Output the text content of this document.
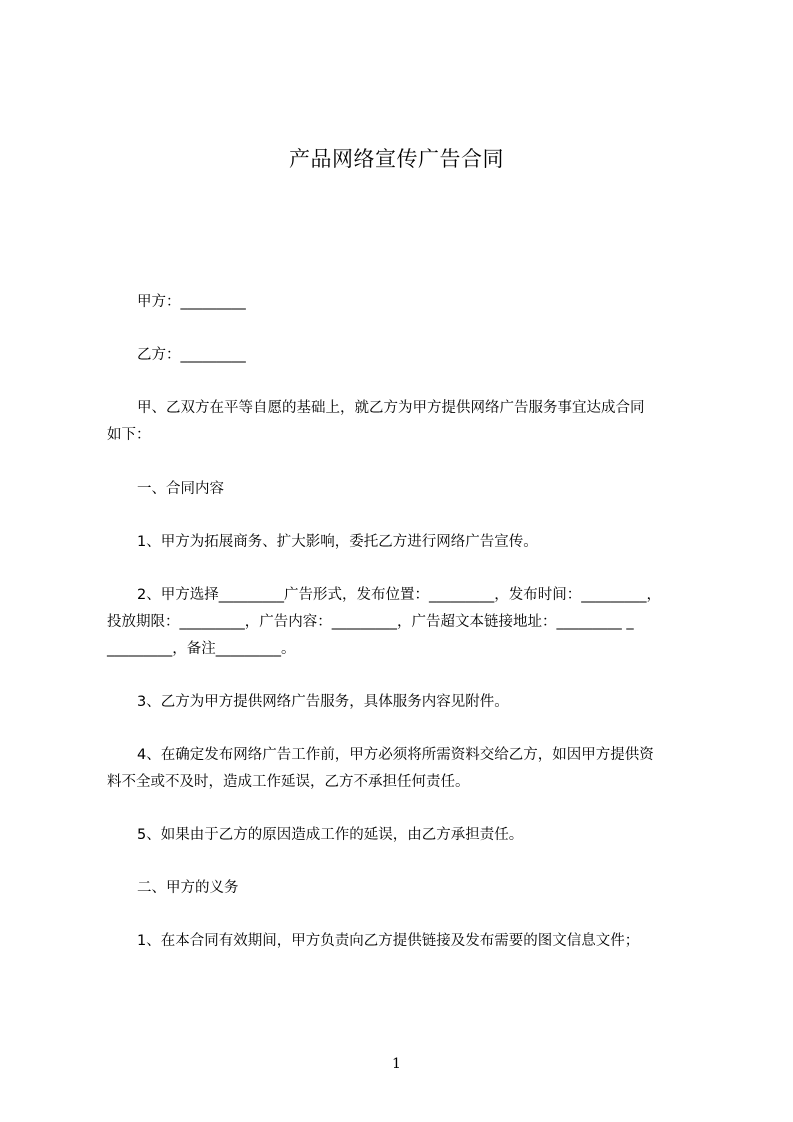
产品网络宣传广告合同
甲方：_________
乙方：_________
甲、乙双方在平等自愿的基础上，就乙方为甲方提供网络广告服务事宜达成合同
如下：
一、合同内容
1、甲方为拓展商务、扩大影响，委托乙方进行网络广告宣传。
2、甲方选择_________广告形式，发布位置：_________，发布时间：_________，
投放期限：_________，广告内容：_________，广告超文本链接地址：_________ _
_________，备注_________。
3、乙方为甲方提供网络广告服务，具体服务内容见附件。
4、在确定发布网络广告工作前，甲方必须将所需资料交给乙方，如因甲方提供资
料不全或不及时，造成工作延误，乙方不承担任何责任。
5、如果由于乙方的原因造成工作的延误，由乙方承担责任。
二、甲方的义务
1、在本合同有效期间，甲方负责向乙方提供链接及发布需要的图文信息文件；
1
